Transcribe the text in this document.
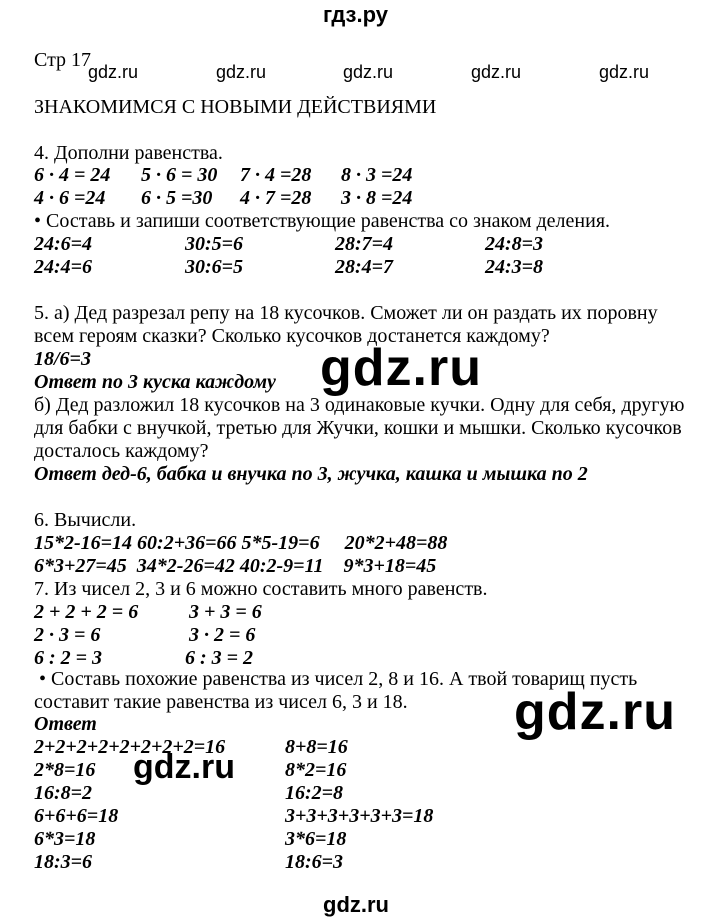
гдз.ру
Стр 17
gdz.ru	gdz.ru	gdz.ru	gdz.ru	gdz.ru
ЗНАКОМИМСЯ С НОВЫМИ ДЕЙСТВИЯМИ
4. Дополни равенства.
6 · 4 = 24 5 · 6 = 30 7 · 4 =28 8 · 3 =24
4 · 6 =24 6 · 5 =30 4 · 7 =28 3 · 8 =24
• Составь и запиши соответствующие равенства со знаком деления.
24:6=4	30:5=6	28:7=4	24:8=3
24:4=6	30:6=5	28:4=7	24:3=8
5. а) Дед разрезал репу на 18 кусочков. Сможет ли он раздать их поровну
всем героям сказки? Сколько кусочков достанется каждому?
18/6=3	gdz.ru
Ответ по 3 куска каждому
б) Дед разложил 18 кусочков на 3 одинаковые кучки. Одну для себя, другую
для бабки с внучкой, третью для Жучки, кошки и мышки. Сколько кусочков
досталось каждому?
Ответ дед-6, бабка и внучка по 3, жучка, кашка и мышка по 2
6. Вычисли.
15*2-16=14 60:2+36=66 5*5-19=6     20*2+48=88
6*3+27=45  34*2-26=42 40:2-9=11    9*3+18=45
7. Из чисел 2, 3 и 6 можно составить много равенств.
2 + 2 + 2 = 6	3 + 3 = 6
2 · 3 = 6	3 · 2 = 6
6 : 2 = 3	6 : 3 = 2
• Составь похожие равенства из чисел 2, 8 и 16. А твой товарищ пусть
составит такие равенства из чисел 6, 3 и 18. gdz.ru
Ответ
2+2+2+2+2+2+2+2=16	8+8=16
2*8=16 gdz.ru	8*2=16
16:8=2	16:2=8
6+6+6=18	3+3+3+3+3+3=18
6*3=18	3*6=18
18:3=6	18:6=3
gdz.ru
